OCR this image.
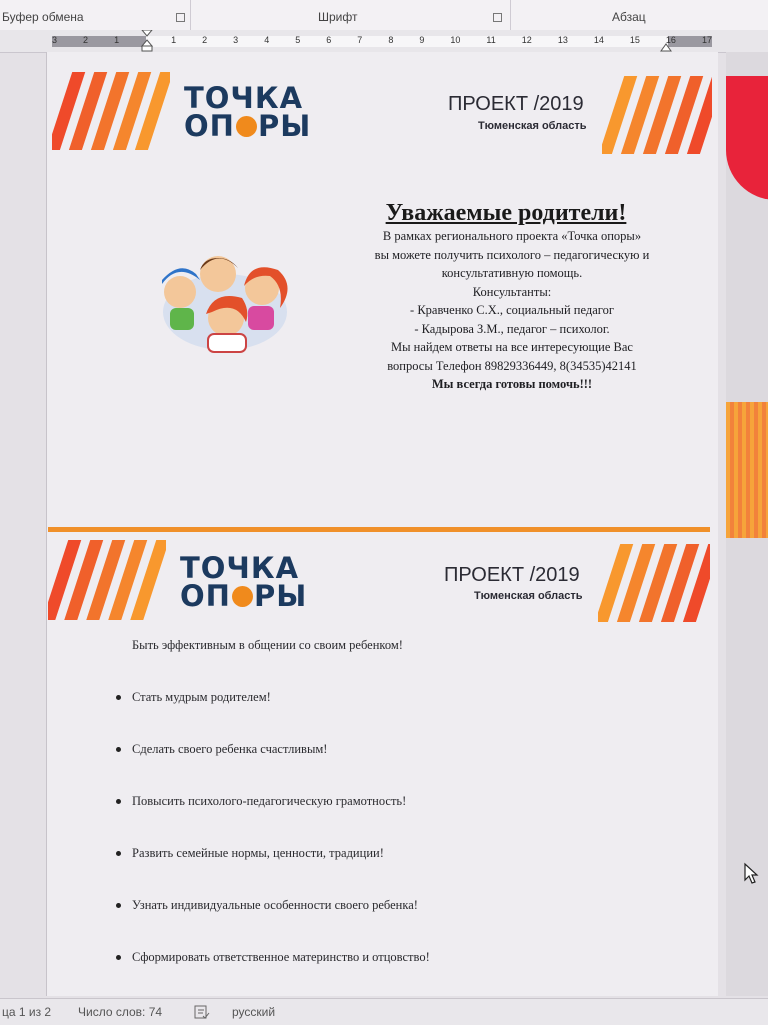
Буфер обмена	Шрифт	Абзац
3	2	1	1	2	3	4	5	6	7	8	9	10	11	12	13	14	15	16	17
ТОЧКА
ОП РЫ
ПРОЕКТ /2019
Тюменская область
Уважаемые родители!
В рамках регионального проекта «Точка опоры»
вы можете получить психолого – педагогическую и
консультативную помощь.
Консультанты:
- Кравченко С.Х., социальный педагог
- Кадырова З.М., педагог – психолог.
Мы найдем ответы на все интересующие Вас
вопросы Телефон 89829336449, 8(34535)42141
Мы всегда готовы помочь!!!
ТОЧКА
ОП РЫ
ПРОЕКТ /2019
Тюменская область
Быть эффективным в общении со своим ребенком!
Стать мудрым родителем!
Сделать своего ребенка счастливым!
Повысить психолого-педагогическую грамотность!
Развить семейные нормы, ценности, традиции!
Узнать индивидуальные особенности своего ребенка!
Сформировать ответственное материнство и отцовство!
ца 1 из 2 Число слов: 74	русский
